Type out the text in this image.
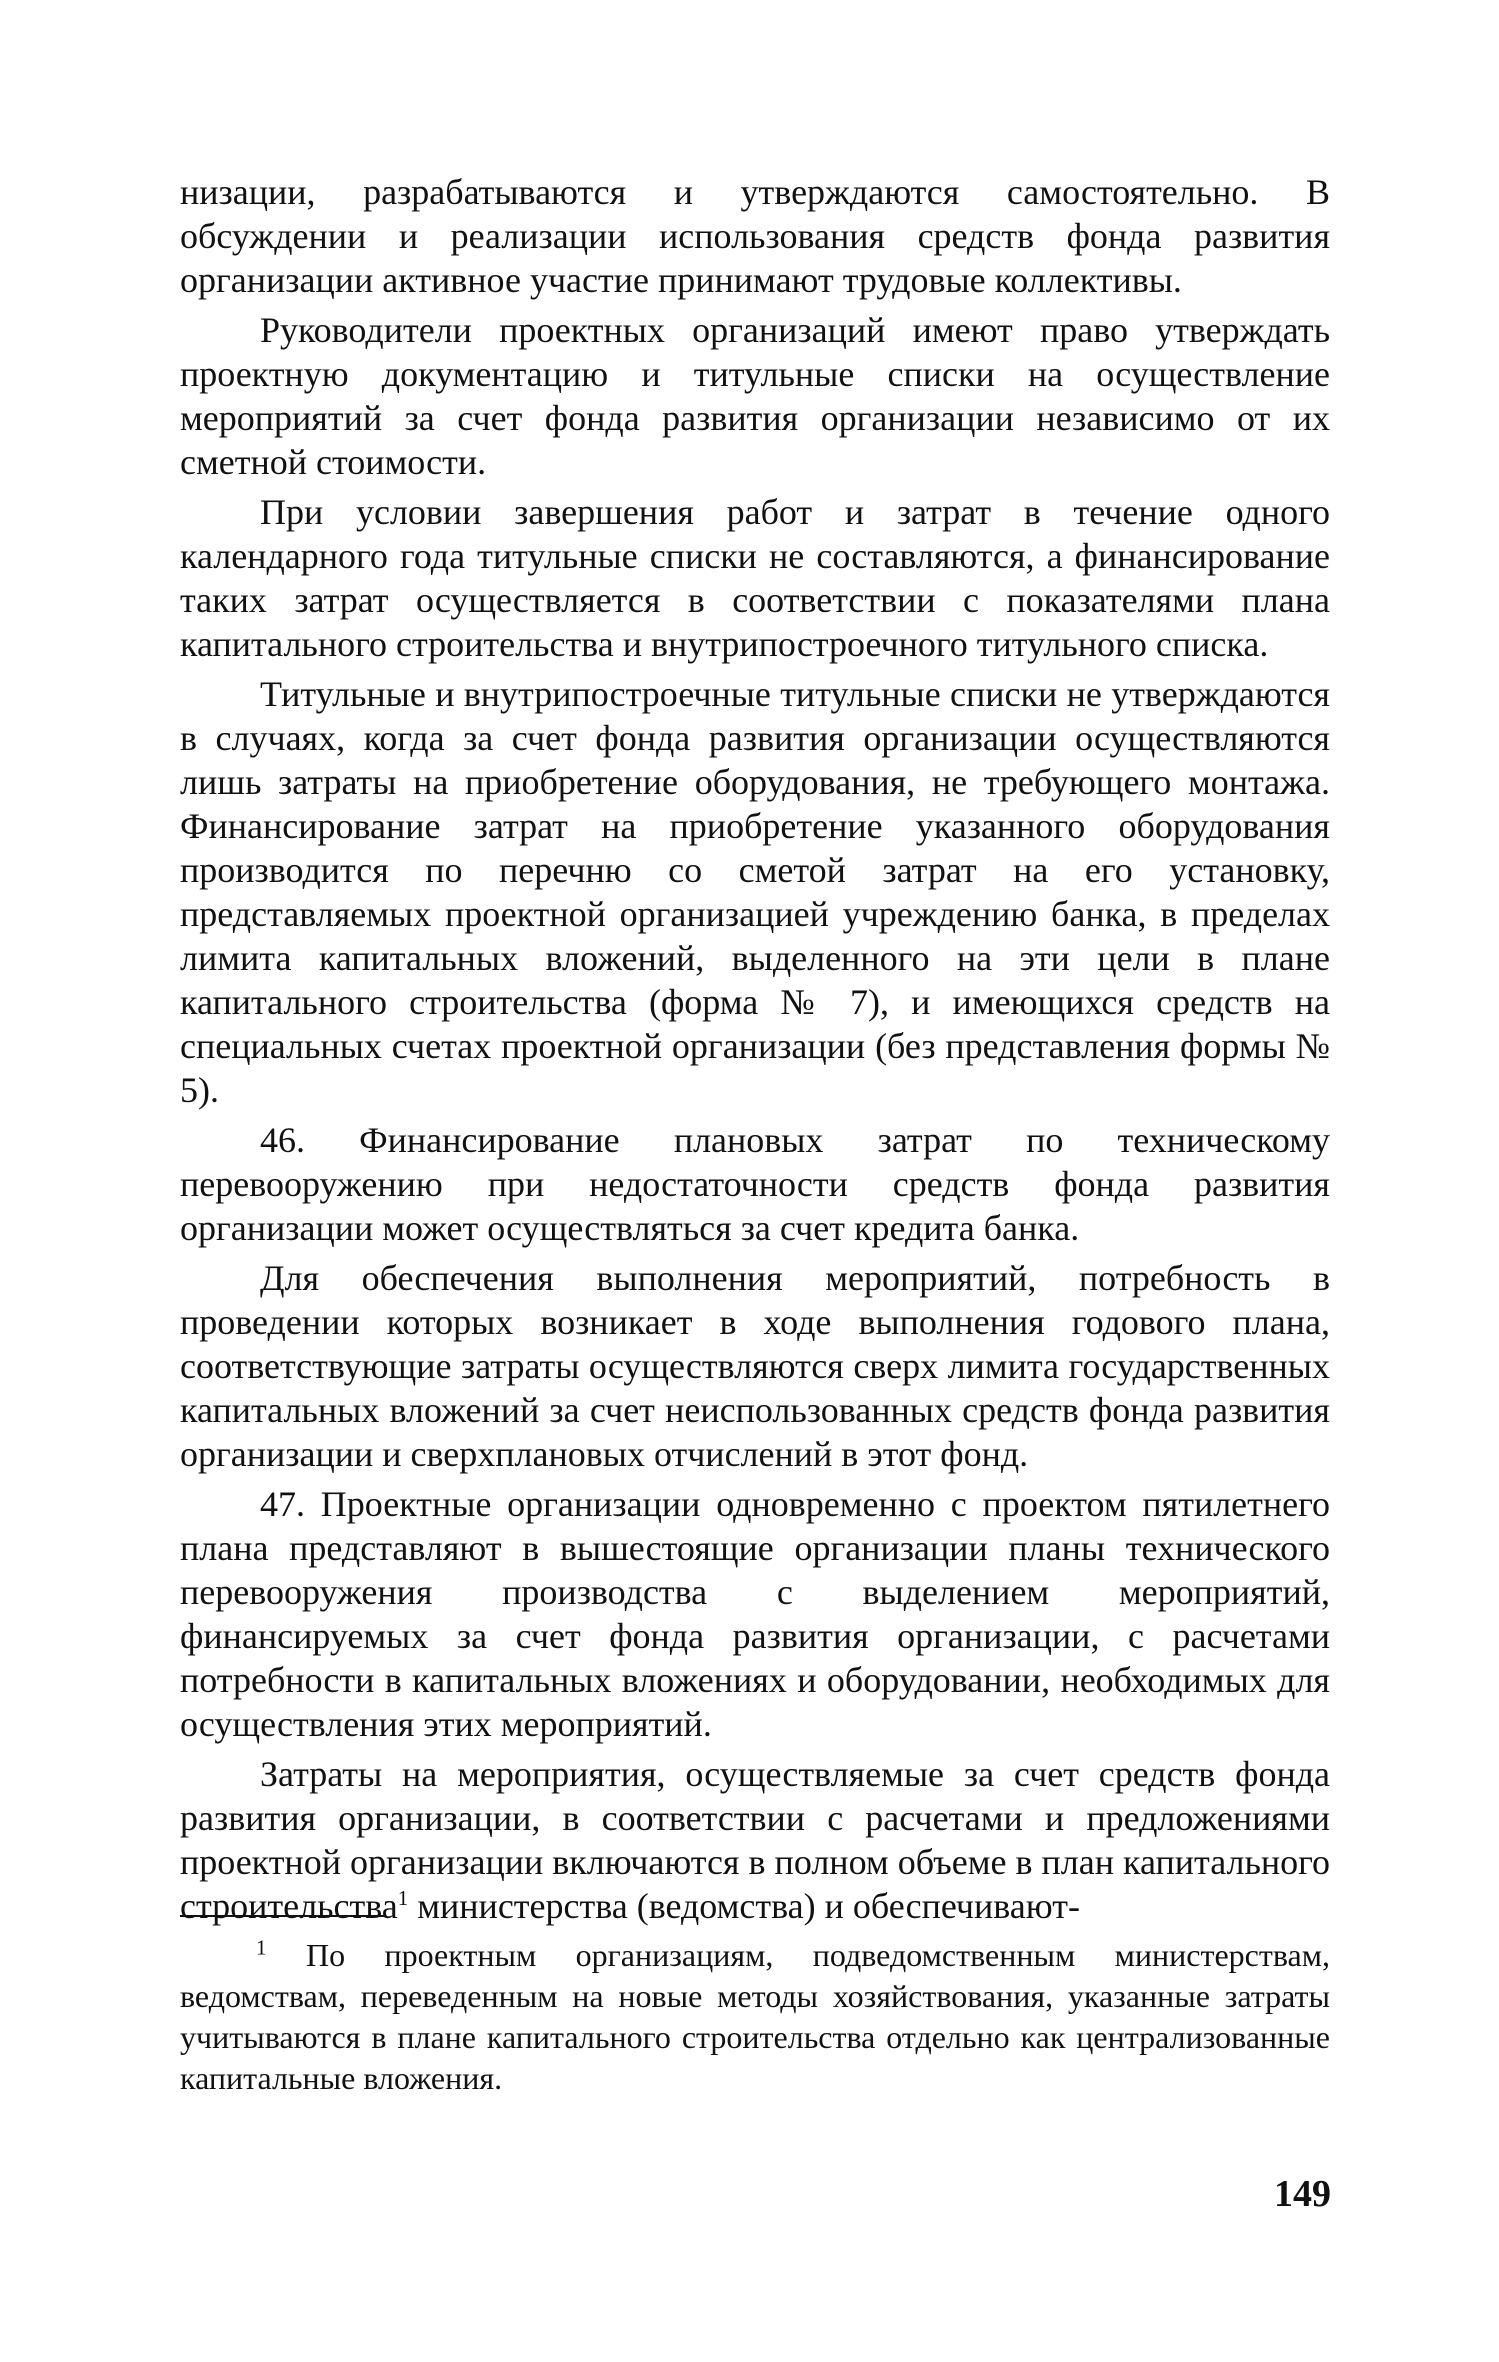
низации, разрабатываются и утверждаются самостоятельно. В обсуждении и реализации использования средств фонда развития организации активное участие принимают трудовые коллективы.

Руководители проектных организаций имеют право утверждать проектную документацию и титульные списки на осуществление мероприятий за счет фонда развития организации независимо от их сметной стоимости.

При условии завершения работ и затрат в течение одного календарного года титульные списки не составляются, а финансирование таких затрат осуществляется в соответствии с показателями плана капитального строительства и внутрипостроечного титульного списка.

Титульные и внутрипостроечные титульные списки не утверждаются в случаях, когда за счет фонда развития организации осуществляются лишь затраты на приобретение оборудования, не требующего монтажа. Финансирование затрат на приобретение указанного оборудования производится по перечню со сметой затрат на его установку, представляемых проектной организацией учреждению банка, в пределах лимита капитальных вложений, выделенного на эти цели в плане капитального строительства (форма № 7), и имеющихся средств на специальных счетах проектной организации (без представления формы № 5).

46. Финансирование плановых затрат по техническому перевооружению при недостаточности средств фонда развития организации может осуществляться за счет кредита банка.

Для обеспечения выполнения мероприятий, потребность в проведении которых возникает в ходе выполнения годового плана, соответствующие затраты осуществляются сверх лимита государственных капитальных вложений за счет неиспользованных средств фонда развития организации и сверхплановых отчислений в этот фонд.

47. Проектные организации одновременно с проектом пятилетнего плана представляют в вышестоящие организации планы технического перевооружения производства с выделением мероприятий, финансируемых за счет фонда развития организации, с расчетами потребности в капитальных вложениях и оборудовании, необходимых для осуществления этих мероприятий.

Затраты на мероприятия, осуществляемые за счет средств фонда развития организации, в соответствии с расчетами и предложениями проектной организации включаются в полном объеме в план капитального строительства$^1$ министерства (ведомства) и обеспечивают-

$^1$ По проектным организациям, подведомственным министерствам, ведомствам, переведенным на новые методы хозяйствования, указанные затраты учитываются в плане капитального строительства отдельно как централизованные капитальные вложения.

149
